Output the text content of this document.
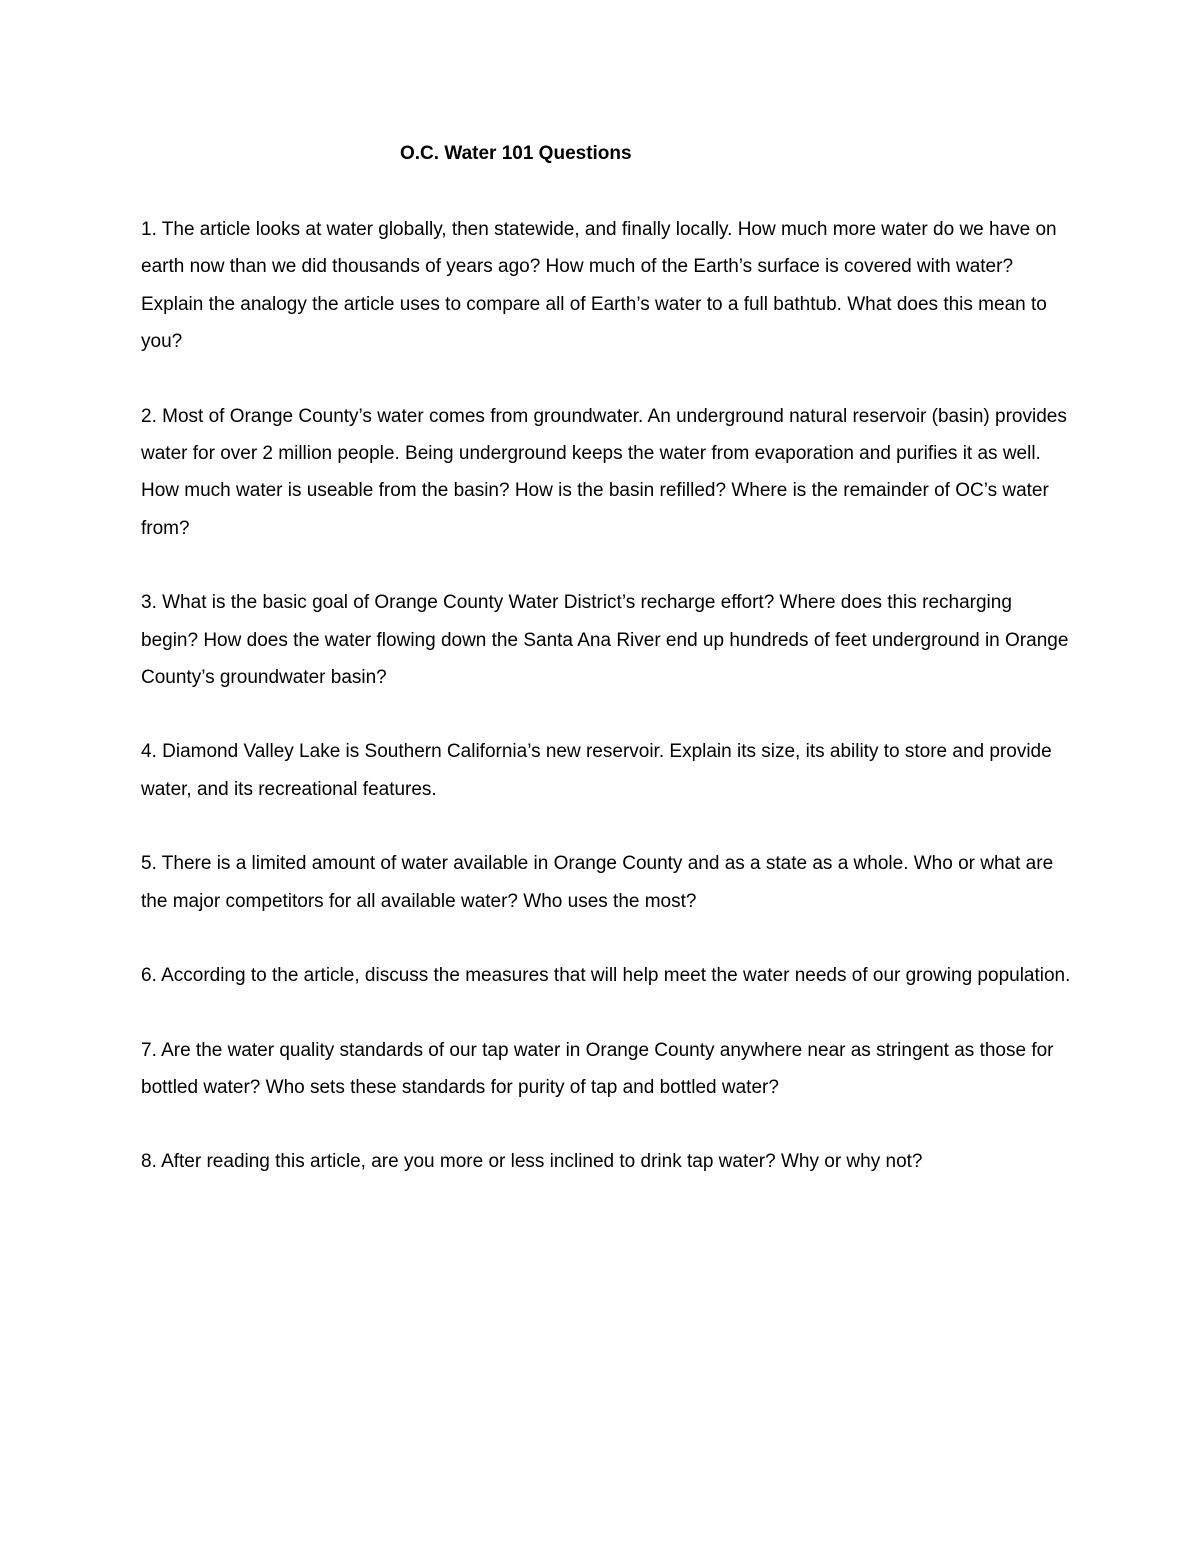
O.C. Water 101 Questions

1. The article looks at water globally, then statewide, and finally locally. How much more water do we have on earth now than we did thousands of years ago? How much of the Earth’s surface is covered with water? Explain the analogy the article uses to compare all of Earth’s water to a full bathtub. What does this mean to you?

2. Most of Orange County’s water comes from groundwater. An underground natural reservoir (basin) provides water for over 2 million people. Being underground keeps the water from evaporation and purifies it as well. How much water is useable from the basin? How is the basin refilled? Where is the remainder of OC’s water from?

3. What is the basic goal of Orange County Water District’s recharge effort? Where does this recharging begin? How does the water flowing down the Santa Ana River end up hundreds of feet underground in Orange County’s groundwater basin?

4. Diamond Valley Lake is Southern California’s new reservoir. Explain its size, its ability to store and provide water, and its recreational features.

5. There is a limited amount of water available in Orange County and as a state as a whole. Who or what are the major competitors for all available water? Who uses the most?

6. According to the article, discuss the measures that will help meet the water needs of our growing population.

7. Are the water quality standards of our tap water in Orange County anywhere near as stringent as those for bottled water? Who sets these standards for purity of tap and bottled water?

8. After reading this article, are you more or less inclined to drink tap water? Why or why not?
